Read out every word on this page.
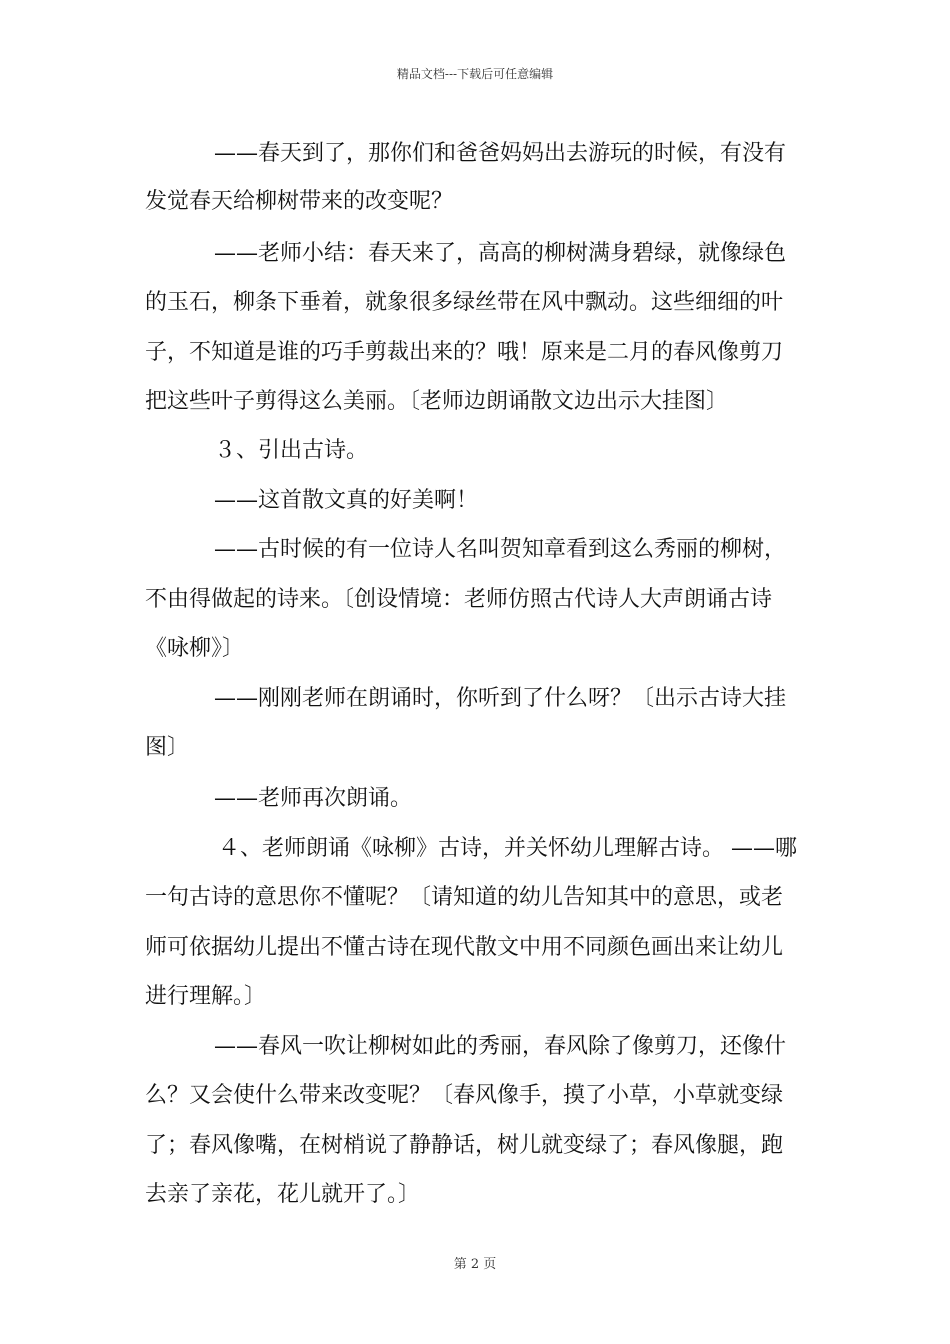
精品文档---下载后可任意编辑
——春天到了，那你们和爸爸妈妈出去游玩的时候，有没有
发觉春天给柳树带来的改变呢？
——老师小结：春天来了，高高的柳树满身碧绿，就像绿色
的玉石，柳条下垂着，就象很多绿丝带在风中飘动。这些细细的叶
子，不知道是谁的巧手剪裁出来的？哦！原来是二月的春风像剪刀
把这些叶子剪得这么美丽。〔老师边朗诵散文边出示大挂图〕
３、引出古诗。
——这首散文真的好美啊！
——古时候的有一位诗人名叫贺知章看到这么秀丽的柳树，
不由得做起的诗来。〔创设情境：老师仿照古代诗人大声朗诵古诗
《咏柳》〕
——刚刚老师在朗诵时，你听到了什么呀？〔出示古诗大挂
图〕
——老师再次朗诵。
４、老师朗诵《咏柳》古诗，并关怀幼儿理解古诗。 ——哪
一句古诗的意思你不懂呢？〔请知道的幼儿告知其中的意思，或老
师可依据幼儿提出不懂古诗在现代散文中用不同颜色画出来让幼儿
进行理解。〕
——春风一吹让柳树如此的秀丽，春风除了像剪刀，还像什
么？又会使什么带来改变呢？〔春风像手，摸了小草，小草就变绿
了；春风像嘴，在树梢说了静静话，树儿就变绿了；春风像腿，跑
去亲了亲花，花儿就开了。〕
第 2 页
